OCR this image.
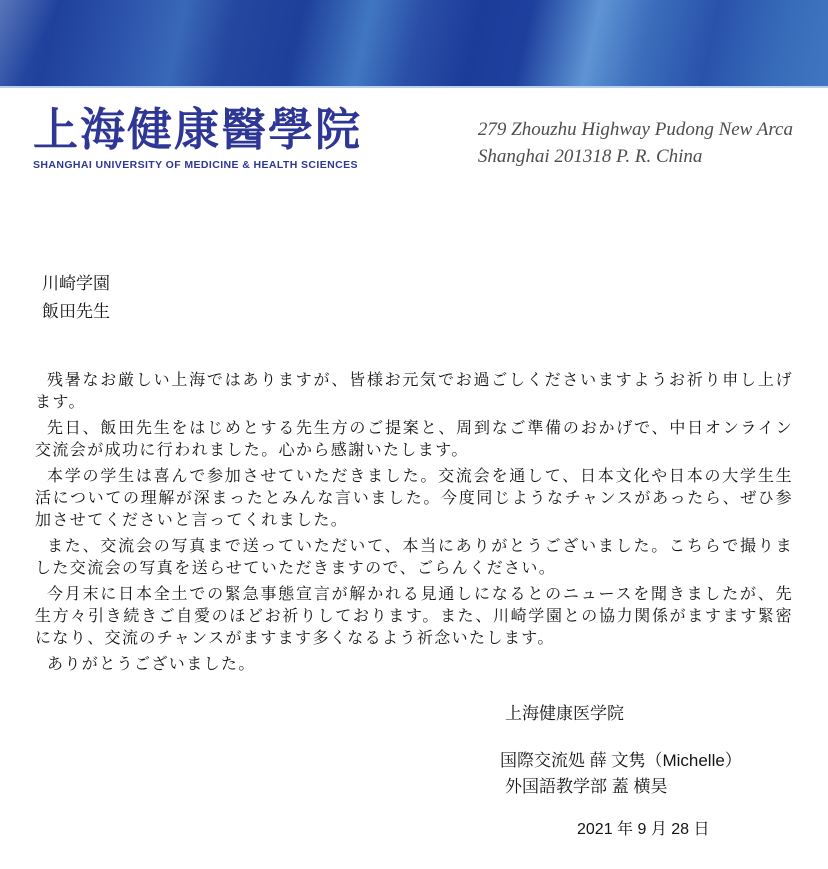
上海健康醫學院
SHANGHAI UNIVERSITY OF MEDICINE & HEALTH SCIENCES
279 Zhouzhu Highway Pudong New Arca
Shanghai 201318 P. R. China
川崎学園
飯田先生

残暑なお厳しい上海ではありますが、皆様お元気でお過ごしくださいますようお祈り申し上げます。

先日、飯田先生をはじめとする先生方のご提案と、周到なご準備のおかげで、中日オンライン交流会が成功に行われました。心から感謝いたします。

本学の学生は喜んで参加させていただきました。交流会を通して、日本文化や日本の大学生生活についての理解が深まったとみんな言いました。今度同じようなチャンスがあったら、ぜひ参加させてくださいと言ってくれました。

また、交流会の写真まで送っていただいて、本当にありがとうございました。こちらで撮りました交流会の写真を送らせていただきますので、ごらんください。

今月末に日本全土での緊急事態宣言が解かれる見通しになるとのニュースを聞きましたが、先生方々引き続きご自愛のほどお祈りしております。また、川崎学園との協力関係がますます緊密になり、交流のチャンスがますます多くなるよう祈念いたします。

ありがとうございました。

上海健康医学院
国際交流処 薛 文隽（Michelle）
外国語教学部 蓋 横昊
2021 年 9 月 28 日
